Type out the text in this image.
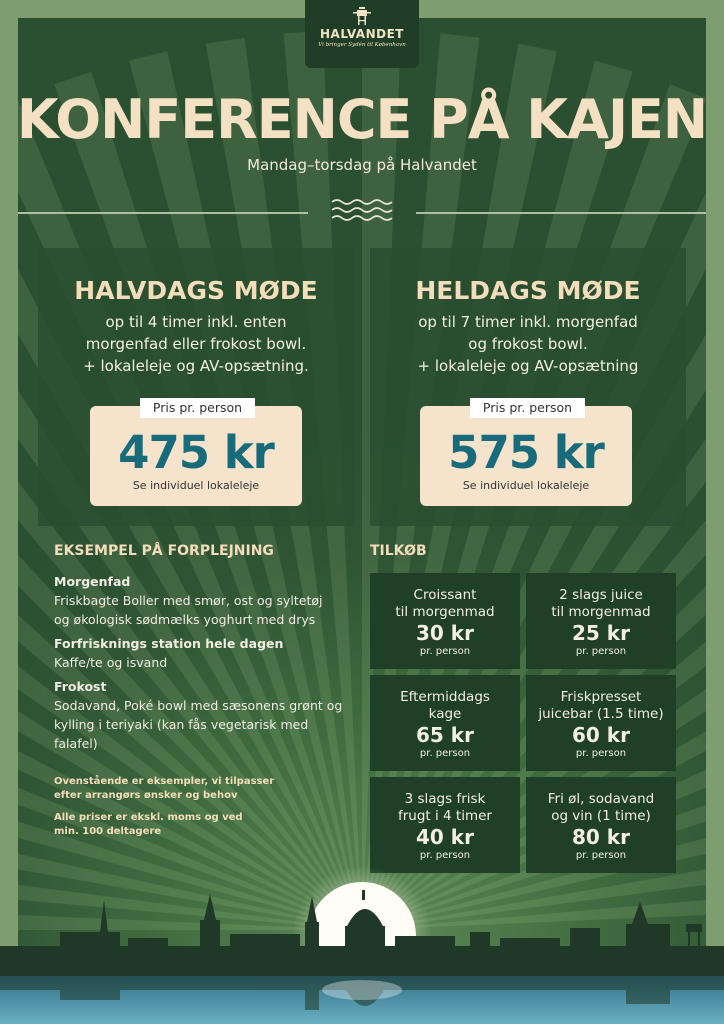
HALVANDET
Vi bringer Sydén til København
KONFERENCE PÅ KAJEN
Mandag–torsdag på Halvandet
HALVDAGS MØDE
op til 4 timer inkl. enten
morgenfad eller frokost bowl.
+ lokaleleje og AV-opsætning.
Pris pr. person
475 kr
Se individuel lokaleleje
HELDAGS MØDE
op til 7 timer inkl. morgenfad
og frokost bowl.
+ lokaleleje og AV-opsætning
Pris pr. person
575 kr
Se individuel lokaleleje
EKSEMPEL PÅ FORPLEJNING
Morgenfad
Friskbagte Boller med smør, ost og syltetøj
og økologisk sødmælks yoghurt med drys
Forfrisknings station hele dagen
Kaffe/te og isvand
Frokost
Sodavand, Poké bowl med sæsonens grønt og
kylling i teriyaki (kan fås vegetarisk med
falafel)
Ovenstående er eksempler, vi tilpasser
efter arrangørs ønsker og behov
Alle priser er ekskl. moms og ved
min. 100 deltagere
TILKØB
Croissant
til morgenmad
30 kr
pr. person
2 slags juice
til morgenmad
25 kr
pr. person
Eftermiddags
kage
65 kr
pr. person
Friskpresset
juicebar (1.5 time)
60 kr
pr. person
3 slags frisk
frugt i 4 timer
40 kr
pr. person
Fri øl, sodavand
og vin (1 time)
80 kr
pr. person
